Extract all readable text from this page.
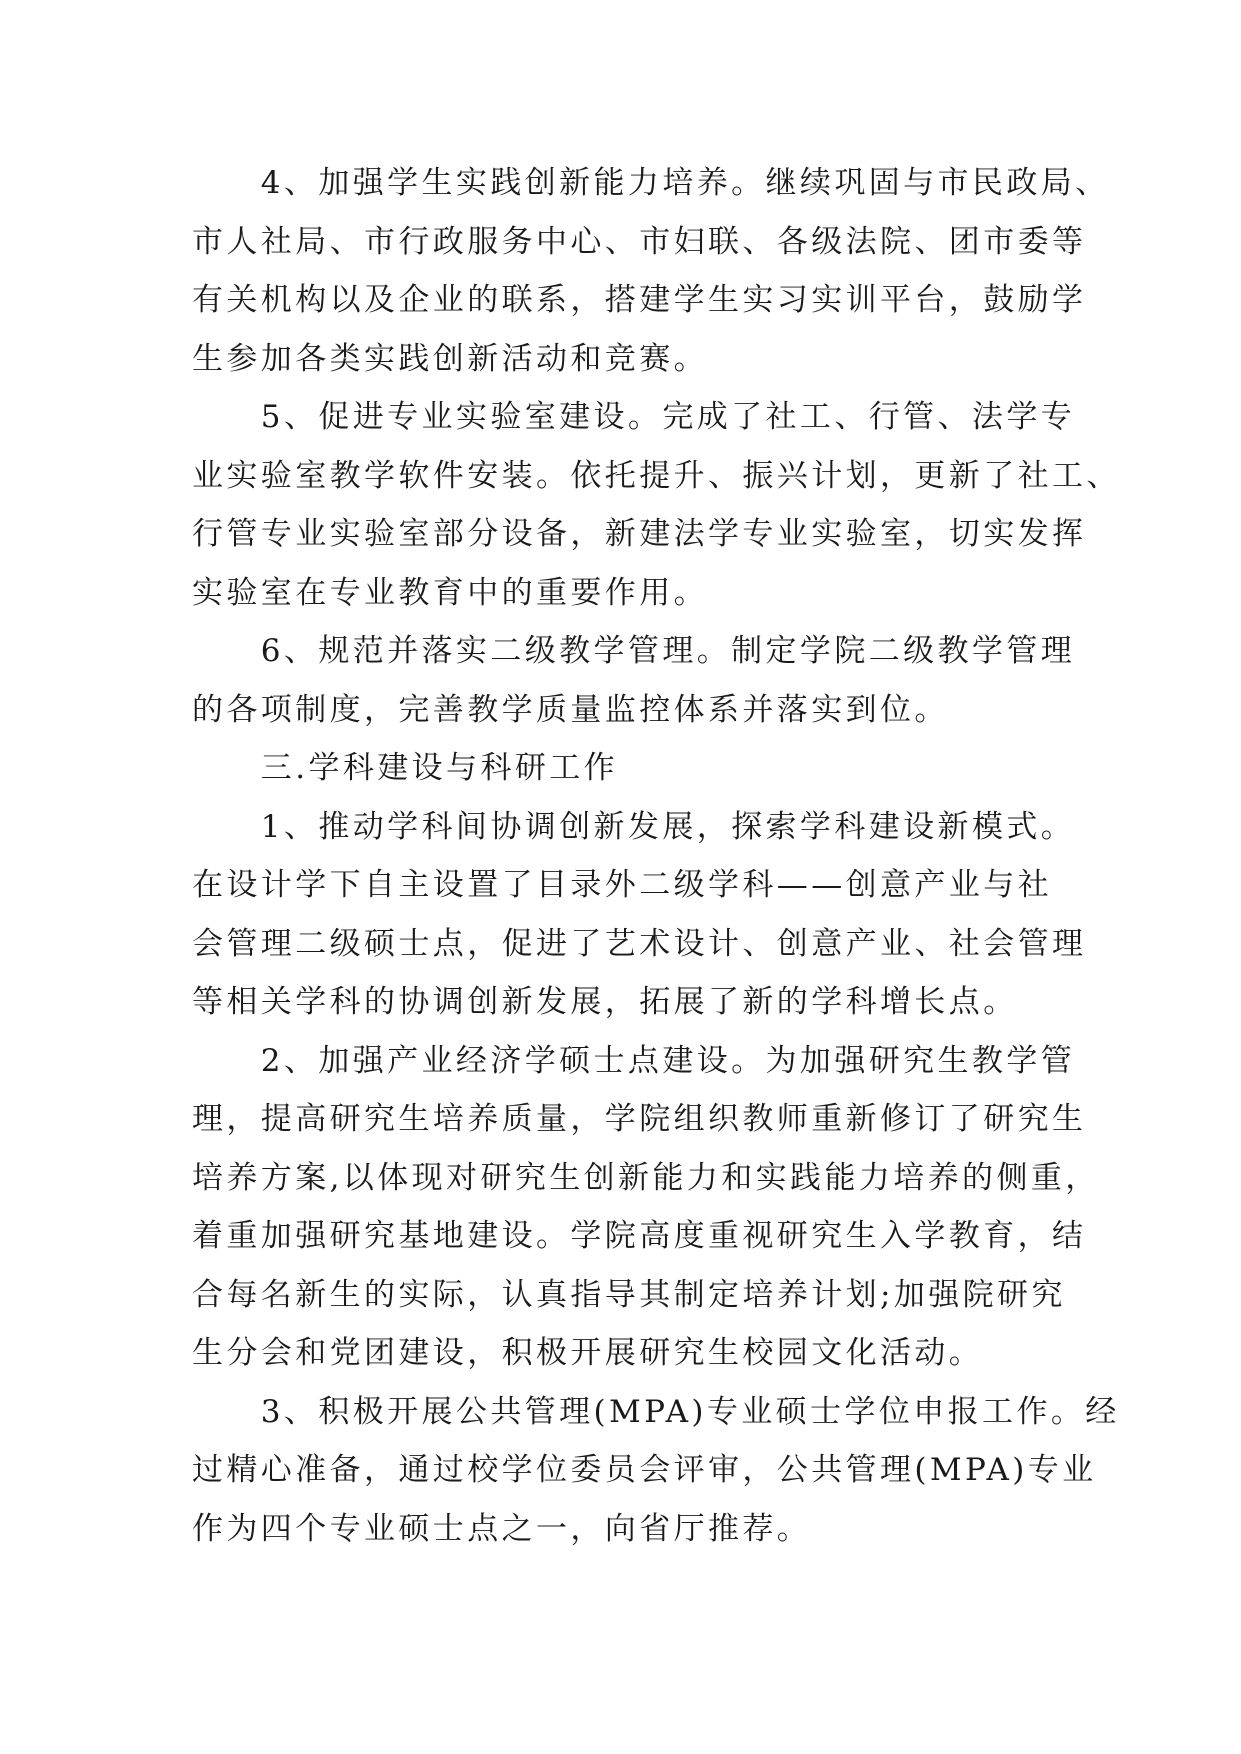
　　4、加强学生实践创新能力培养。继续巩固与市民政局、
市人社局、市行政服务中心、市妇联、各级法院、团市委等
有关机构以及企业的联系，搭建学生实习实训平台，鼓励学
生参加各类实践创新活动和竞赛。
　　5、促进专业实验室建设。完成了社工、行管、法学专
业实验室教学软件安装。依托提升、振兴计划，更新了社工、
行管专业实验室部分设备，新建法学专业实验室，切实发挥
实验室在专业教育中的重要作用。
　　6、规范并落实二级教学管理。制定学院二级教学管理
的各项制度，完善教学质量监控体系并落实到位。
　　三.学科建设与科研工作
　　1、推动学科间协调创新发展，探索学科建设新模式。
在设计学下自主设置了目录外二级学科——创意产业与社
会管理二级硕士点，促进了艺术设计、创意产业、社会管理
等相关学科的协调创新发展，拓展了新的学科增长点。
　　2、加强产业经济学硕士点建设。为加强研究生教学管
理，提高研究生培养质量，学院组织教师重新修订了研究生
培养方案,以体现对研究生创新能力和实践能力培养的侧重，
着重加强研究基地建设。学院高度重视研究生入学教育，结
合每名新生的实际，认真指导其制定培养计划;加强院研究
生分会和党团建设，积极开展研究生校园文化活动。
　　3、积极开展公共管理(MPA)专业硕士学位申报工作。经
过精心准备，通过校学位委员会评审，公共管理(MPA)专业
作为四个专业硕士点之一，向省厅推荐。
